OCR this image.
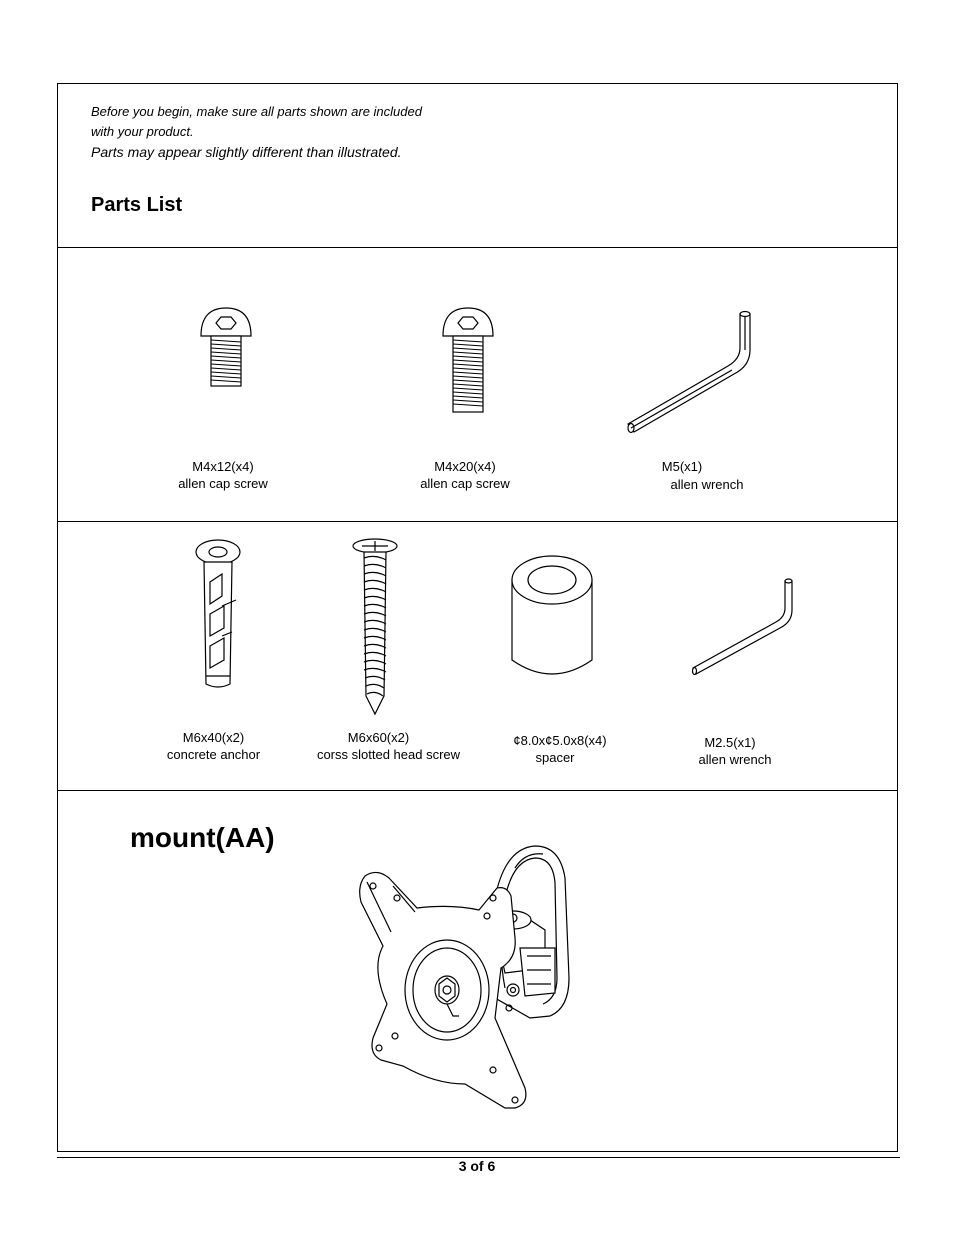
Before you begin, make sure all parts shown are included
with your product.
Parts may appear slightly different than illustrated.
Parts List
M4x12(x4)
allen cap screw
M4x20(x4)
allen cap screw
M5(x1)
allen wrench
M6x40(x2)
concrete anchor
M6x60(x2)
corss slotted head screw
¢8.0x¢5.0x8(x4)
spacer
M2.5(x1)
allen wrench
mount(AA)
3 of 6
